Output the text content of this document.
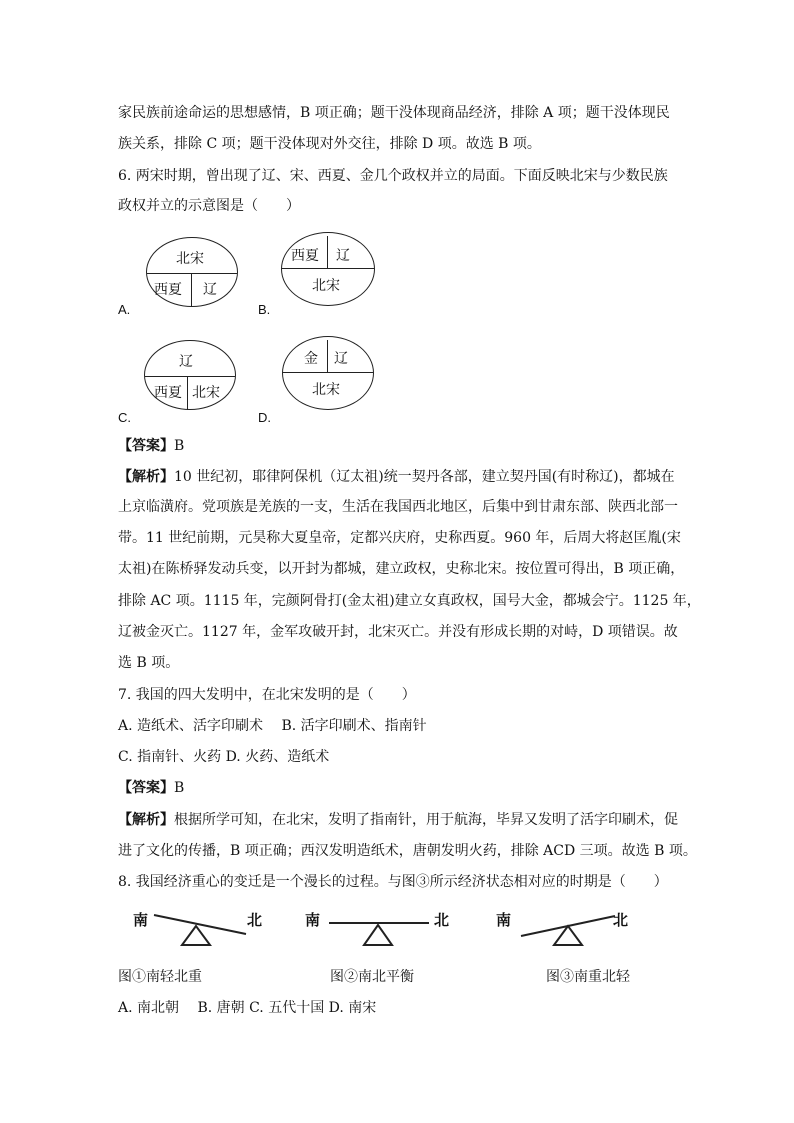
家民族前途命运的思想感情，B 项正确；题干没体现商品经济，排除 A 项；题干没体现民
族关系，排除 C 项；题干没体现对外交往，排除 D 项。故选 B 项。
6. 两宋时期，曾出现了辽、宋、西夏、金几个政权并立的局面。下面反映北宋与少数民族
政权并立的示意图是（　　）
北宋
西夏 辽
A.
西夏 辽
北宋
B.
辽
西夏 北宋
C.
金 辽
北宋
D.
【答案】B
【解析】10 世纪初，耶律阿保机（辽太祖)统一契丹各部，建立契丹国(有时称辽)，都城在
上京临潢府。党项族是羌族的一支，生活在我国西北地区，后集中到甘肃东部、陕西北部一
带。11 世纪前期，元昊称大夏皇帝，定都兴庆府，史称西夏。960 年，后周大将赵匡胤(宋
太祖)在陈桥驿发动兵变，以开封为都城，建立政权，史称北宋。按位置可得出，B 项正确，
排除 AC 项。1115 年，完颜阿骨打(金太祖)建立女真政权，国号大金，都城会宁。1125 年，
辽被金灭亡。1127 年，金军攻破开封，北宋灭亡。并没有形成长期的对峙，D 项错误。故
选 B 项。
7. 我国的四大发明中，在北宋发明的是（　　）
A. 造纸术、活字印刷术　 B. 活字印刷术、指南针
C. 指南针、火药 D. 火药、造纸术
【答案】B
【解析】根据所学可知，在北宋，发明了指南针，用于航海，毕昇又发明了活字印刷术，促
进了文化的传播，B 项正确；西汉发明造纸术，唐朝发明火药，排除 ACD 三项。故选 B 项。
8. 我国经济重心的变迁是一个漫长的过程。与图③所示经济状态相对应的时期是（　　）
南	北
图①南轻北重
南	北
图②南北平衡
南	北
图③南重北轻
A. 南北朝　 B. 唐朝 C. 五代十国 D. 南宋
